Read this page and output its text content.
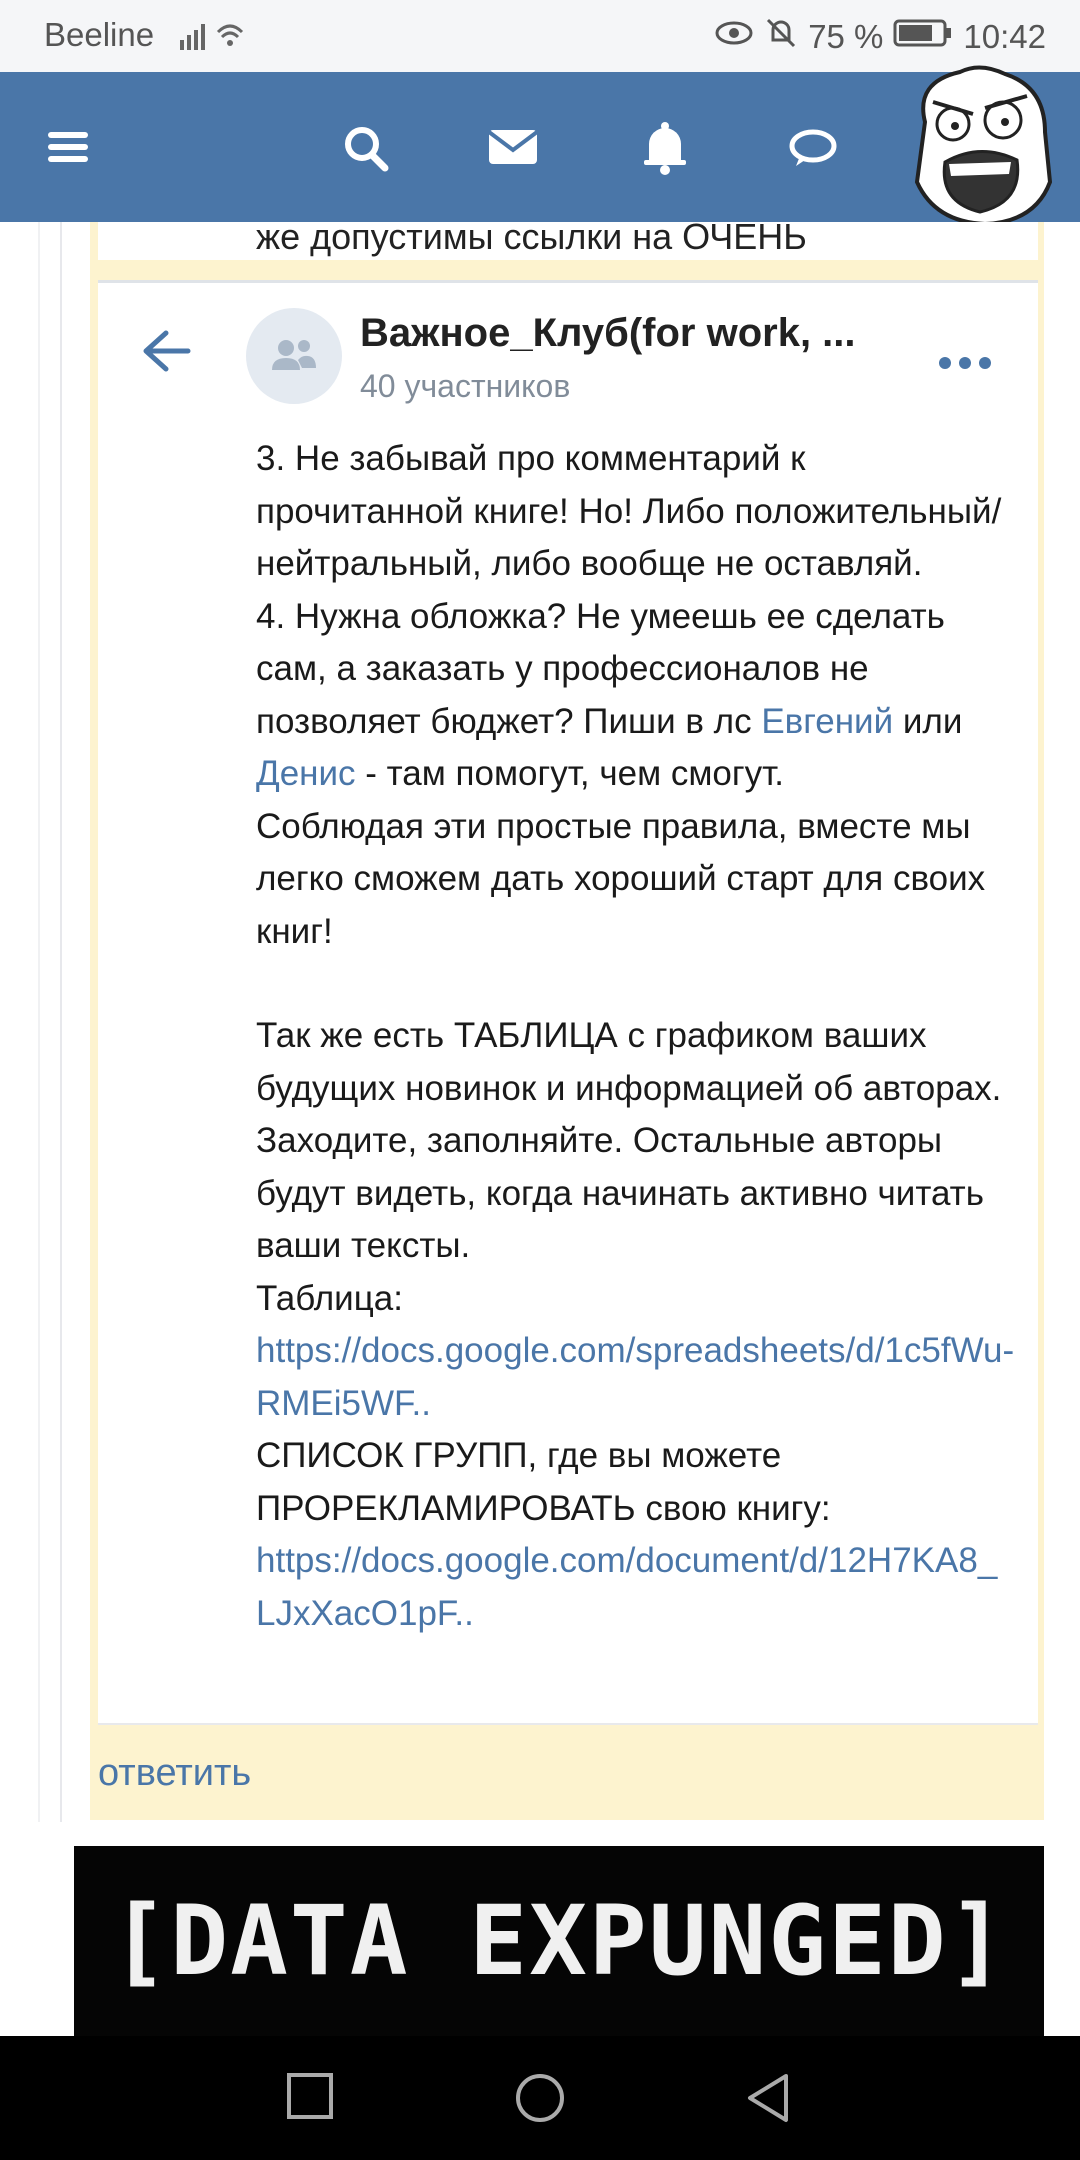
Beeline	75 % 10:42
же допустимы ссылки на ОЧЕНЬ
Важное_Клуб(for work, ...
40 участников

3. Не забывай про комментарий к прочитанной книге! Но! Либо положительный/нейтральный, либо вообще не оставляй.

4. Нужна обложка? Не умеешь ее сделать сам, а заказать у профессионалов не позволяет бюджет? Пиши в лс Евгений или Денис - там помогут, чем смогут.

Соблюдая эти простые правила, вместе мы легко сможем дать хороший старт для своих книг!

Так же есть ТАБЛИЦА с графиком ваших будущих новинок и информацией об авторах. Заходите, заполняйте. Остальные авторы будут видеть, когда начинать активно читать ваши тексты.

Таблица:

https://docs.google.com/spreadsheets/d/1c5fWu-RMEi5WF..

СПИСОК ГРУПП, где вы можете ПРОРЕКЛАМИРОВАТЬ свою книгу:

https://docs.google.com/document/d/12H7KA8_LJxXacO1pF..

ответить
[DATA EXPUNGED]
